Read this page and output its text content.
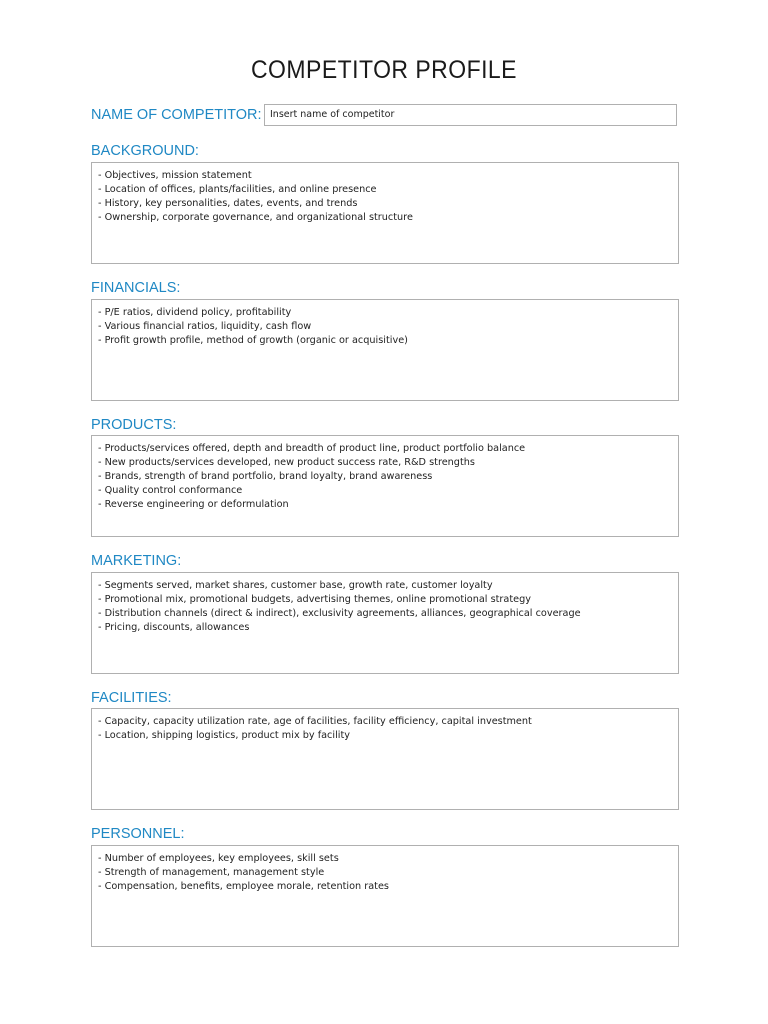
COMPETITOR PROFILE
NAME OF COMPETITOR: Insert name of competitor
BACKGROUND:
- Objectives, mission statement
- Location of offices, plants/facilities, and online presence
- History, key personalities, dates, events, and trends
- Ownership, corporate governance, and organizational structure
FINANCIALS:
- P/E ratios, dividend policy, profitability
- Various financial ratios, liquidity, cash flow
- Profit growth profile, method of growth (organic or acquisitive)
PRODUCTS:
- Products/services offered, depth and breadth of product line, product portfolio balance
- New products/services developed, new product success rate, R&D strengths
- Brands, strength of brand portfolio, brand loyalty, brand awareness
- Quality control conformance
- Reverse engineering or deformulation
MARKETING:
- Segments served, market shares, customer base, growth rate, customer loyalty
- Promotional mix, promotional budgets, advertising themes, online promotional strategy
- Distribution channels (direct & indirect), exclusivity agreements, alliances, geographical coverage
- Pricing, discounts, allowances
FACILITIES:
- Capacity, capacity utilization rate, age of facilities, facility efficiency, capital investment
- Location, shipping logistics, product mix by facility
PERSONNEL:
- Number of employees, key employees, skill sets
- Strength of management, management style
- Compensation, benefits, employee morale, retention rates
